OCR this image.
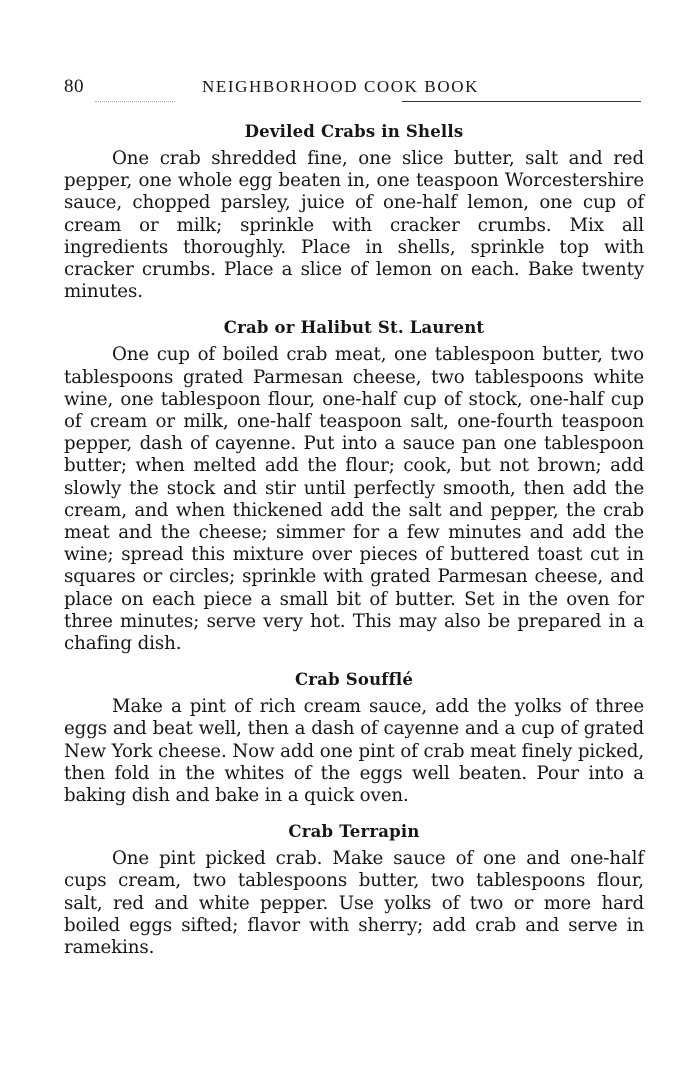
80	NEIGHBORHOOD COOK BOOK
Deviled Crabs in Shells

One crab shredded fine, one slice butter, salt and red pepper, one whole egg beaten in, one teaspoon Worcestershire sauce, chopped parsley, juice of one-half lemon, one cup of cream or milk; sprinkle with cracker crumbs. Mix all ingredients thoroughly. Place in shells, sprinkle top with cracker crumbs. Place a slice of lemon on each. Bake twenty minutes.

Crab or Halibut St. Laurent

One cup of boiled crab meat, one tablespoon butter, two tablespoons grated Parmesan cheese, two tablespoons white wine, one tablespoon flour, one-half cup of stock, one-half cup of cream or milk, one-half teaspoon salt, one-fourth teaspoon pepper, dash of cayenne. Put into a sauce pan one tablespoon butter; when melted add the flour; cook, but not brown; add slowly the stock and stir until perfectly smooth, then add the cream, and when thickened add the salt and pepper, the crab meat and the cheese; simmer for a few minutes and add the wine; spread this mixture over pieces of buttered toast cut in squares or circles; sprinkle with grated Parmesan cheese, and place on each piece a small bit of butter. Set in the oven for three minutes; serve very hot. This may also be prepared in a chafing dish.

Crab Soufflé

Make a pint of rich cream sauce, add the yolks of three eggs and beat well, then a dash of cayenne and a cup of grated New York cheese. Now add one pint of crab meat finely picked, then fold in the whites of the eggs well beaten. Pour into a baking dish and bake in a quick oven.

Crab Terrapin

One pint picked crab. Make sauce of one and one-half cups cream, two tablespoons butter, two tablespoons flour, salt, red and white pepper. Use yolks of two or more hard boiled eggs sifted; flavor with sherry; add crab and serve in ramekins.
